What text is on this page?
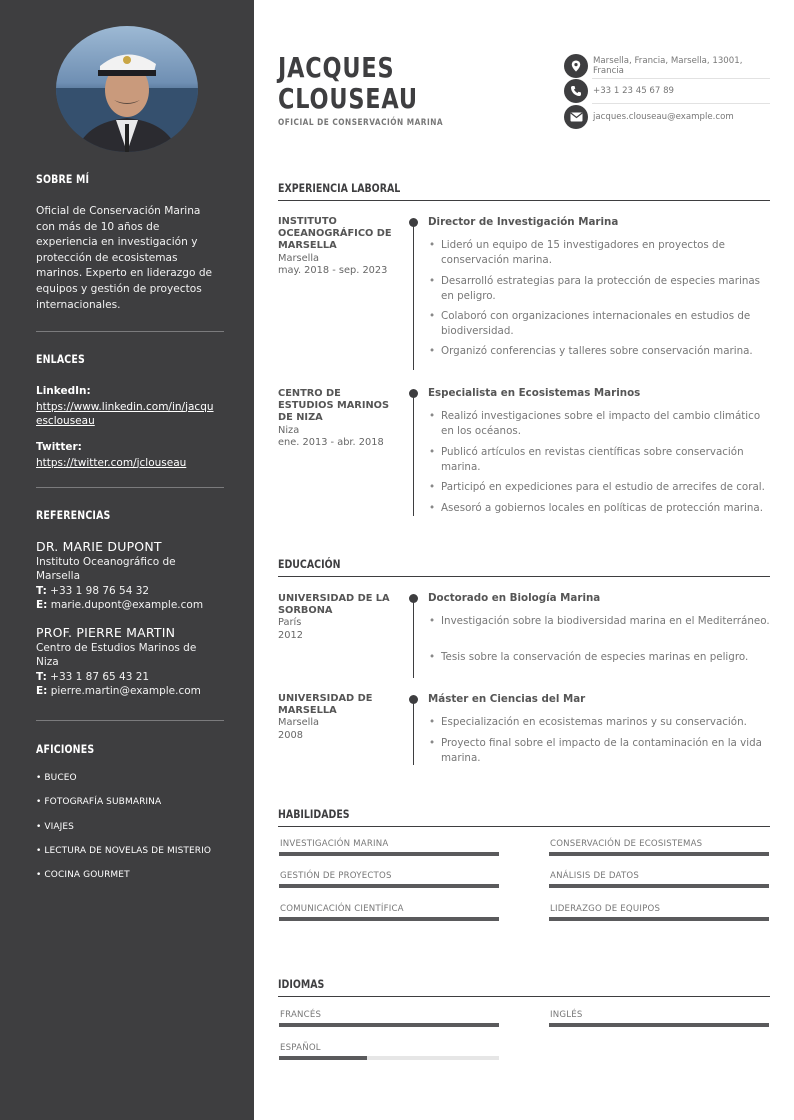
SOBRE MÍ
Oficial de Conservación Marina con más de 10 años de experiencia en investigación y protección de ecosistemas marinos. Experto en liderazgo de equipos y gestión de proyectos internacionales.
ENLACES
LinkedIn:
https://www.linkedin.com/in/jacquesclouseau
Twitter:
https://twitter.com/jclouseau
REFERENCIAS
DR. MARIE DUPONT
Instituto Oceanográfico de Marsella
T: +33 1 98 76 54 32
E: marie.dupont@example.com
PROF. PIERRE MARTIN
Centro de Estudios Marinos de Niza
T: +33 1 87 65 43 21
E: pierre.martin@example.com
AFICIONES
• BUCEO
• FOTOGRAFÍA SUBMARINA
• VIAJES
• LECTURA DE NOVELAS DE MISTERIO
• COCINA GOURMET
JACQUES
CLOUSEAU
OFICIAL DE CONSERVACIÓN MARINA
Marsella, Francia, Marsella, 13001, Francia
+33 1 23 45 67 89
jacques.clouseau@example.com
EXPERIENCIA LABORAL
INSTITUTO OCEANOGRÁFICO DE MARSELLA
Marsella
may. 2018 - sep. 2023
Director de Investigación Marina
• Lideró un equipo de 15 investigadores en proyectos de conservación marina.
• Desarrolló estrategias para la protección de especies marinas en peligro.
• Colaboró con organizaciones internacionales en estudios de biodiversidad.
• Organizó conferencias y talleres sobre conservación marina.
CENTRO DE ESTUDIOS MARINOS DE NIZA
Niza
ene. 2013 - abr. 2018
Especialista en Ecosistemas Marinos
• Realizó investigaciones sobre el impacto del cambio climático en los océanos.
• Publicó artículos en revistas científicas sobre conservación marina.
• Participó en expediciones para el estudio de arrecifes de coral.
• Asesoró a gobiernos locales en políticas de protección marina.
EDUCACIÓN
UNIVERSIDAD DE LA SORBONA
París
2012
Doctorado en Biología Marina
• Investigación sobre la biodiversidad marina en el Mediterráneo.
• Tesis sobre la conservación de especies marinas en peligro.
UNIVERSIDAD DE MARSELLA
Marsella
2008
Máster en Ciencias del Mar
• Especialización en ecosistemas marinos y su conservación.
• Proyecto final sobre el impacto de la contaminación en la vida marina.
HABILIDADES
INVESTIGACIÓN MARINA	CONSERVACIÓN DE ECOSISTEMAS
GESTIÓN DE PROYECTOS	ANÁLISIS DE DATOS
COMUNICACIÓN CIENTÍFICA	LIDERAZGO DE EQUIPOS
IDIOMAS
FRANCÉS	INGLÉS
ESPAÑOL
